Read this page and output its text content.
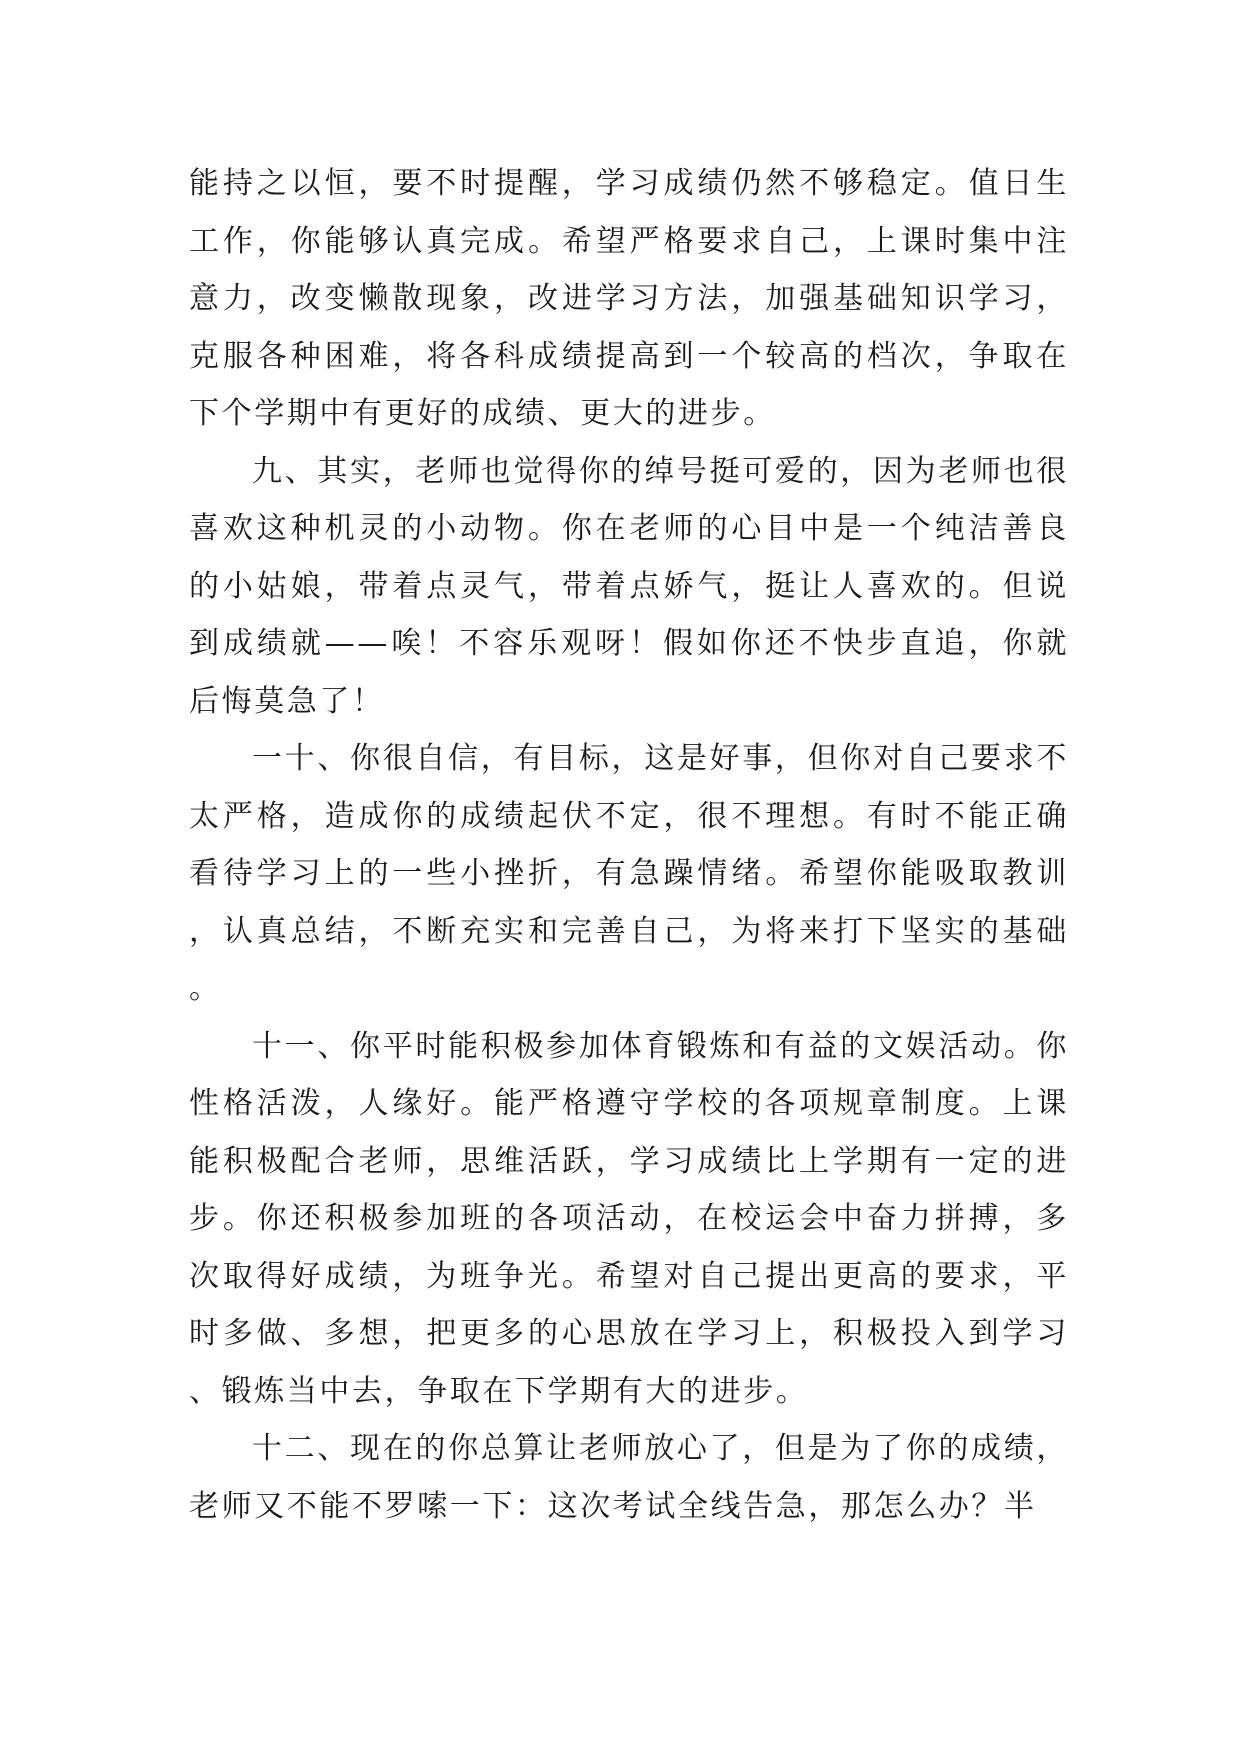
能持之以恒，要不时提醒，学习成绩仍然不够稳定。值日生工作，你能够认真完成。希望严格要求自己，上课时集中注意力，改变懒散现象，改进学习方法，加强基础知识学习，克服各种困难，将各科成绩提高到一个较高的档次，争取在下个学期中有更好的成绩、更大的进步。

九、其实，老师也觉得你的绰号挺可爱的，因为老师也很喜欢这种机灵的小动物。你在老师的心目中是一个纯洁善良的小姑娘，带着点灵气，带着点娇气，挺让人喜欢的。但说到成绩就——唉！不容乐观呀！假如你还不快步直追，你就后悔莫急了！

一十、你很自信，有目标，这是好事，但你对自己要求不太严格，造成你的成绩起伏不定，很不理想。有时不能正确看待学习上的一些小挫折，有急躁情绪。希望你能吸取教训，认真总结，不断充实和完善自己，为将来打下坚实的基础。

十一、你平时能积极参加体育锻炼和有益的文娱活动。你性格活泼，人缘好。能严格遵守学校的各项规章制度。上课能积极配合老师，思维活跃，学习成绩比上学期有一定的进步。你还积极参加班的各项活动，在校运会中奋力拼搏，多次取得好成绩，为班争光。希望对自己提出更高的要求，平时多做、多想，把更多的心思放在学习上，积极投入到学习、锻炼当中去，争取在下学期有大的进步。

十二、现在的你总算让老师放心了，但是为了你的成绩，老师又不能不罗嗦一下：这次考试全线告急，那怎么办？半
